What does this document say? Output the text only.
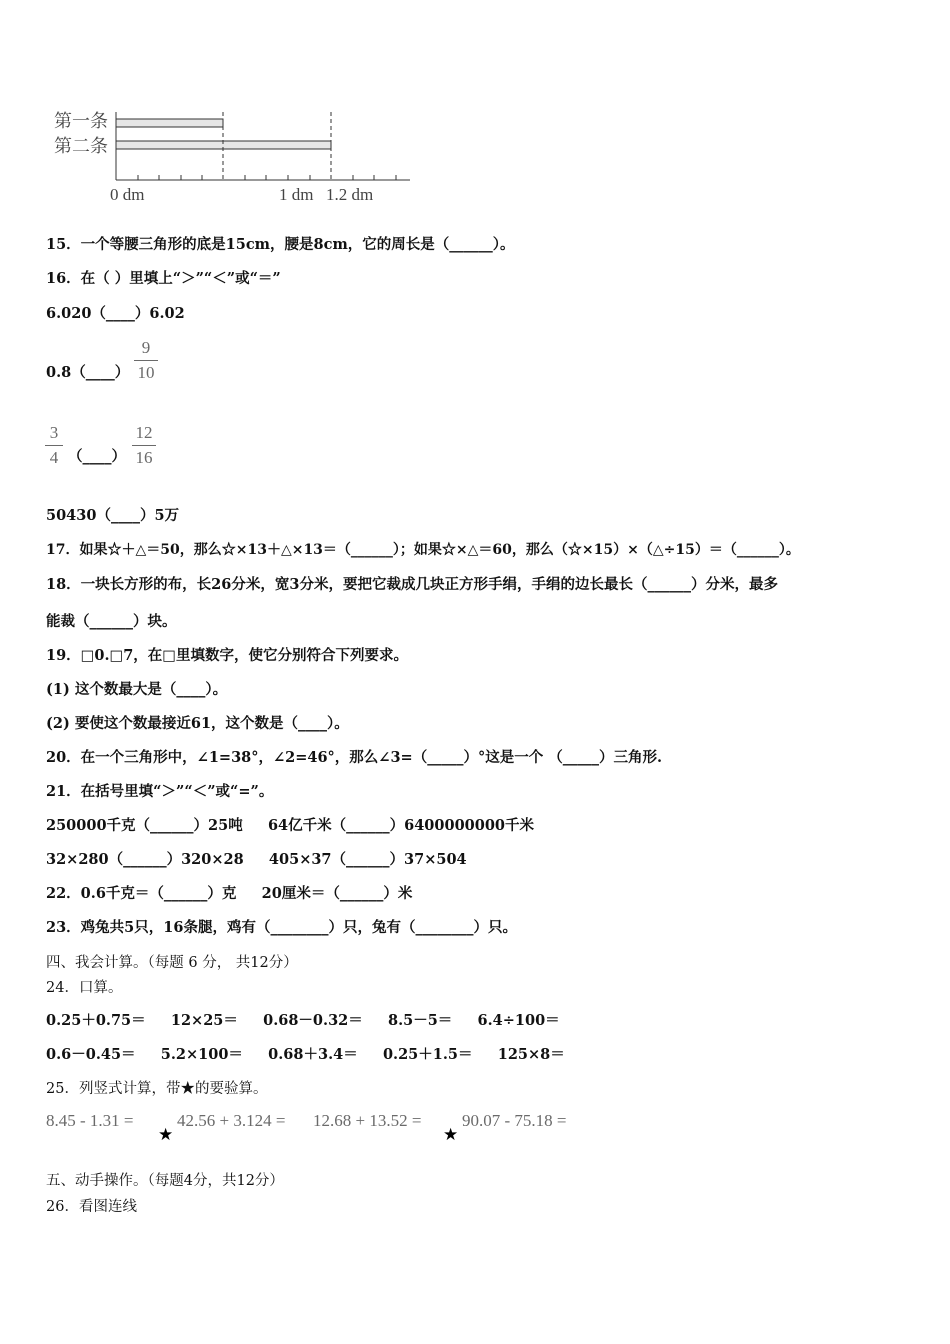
第一条
第二条
0 dm	1 dm 1.2 dm
15．一个等腰三角形的底是15cm，腰是8cm，它的周长是（______）。
16．在（ ）里填上“＞”“＜”或“＝”
6.020（____）6.02
0.8（____）
9
10
3
4 （____）
12
16
50430（____）5万
17．如果☆＋△＝50，那么☆×13＋△×13＝（______）；如果☆×△＝60，那么（☆×15）×（△÷15）＝（______）。
18．一块长方形的布，长26分米，宽3分米，要把它裁成几块正方形手绢，手绢的边长最长（______）分米，最多
能裁（______）块。
19．□0.□7，在□里填数字，使它分别符合下列要求。
(1) 这个数最大是（____）。
(2) 要使这个数最接近61，这个数是（____）。
20．在一个三角形中，∠1=38°，∠2=46°，那么∠3=（_____）°这是一个 （_____）三角形.
21．在括号里填“＞”“＜”或“=”。
250000千克（______）25吨     64亿千米（______）6400000000千米
32×280（______）320×28     405×37（______）37×504
22．0.6千克＝（______）克     20厘米＝（______）米
23．鸡兔共5只，16条腿，鸡有（________）只，兔有（________）只。
四、我会计算。（每题 6 分， 共12分）
24．口算。
0.25＋0.75＝     12×25＝     0.68－0.32＝     8.5－5＝     6.4÷100＝
0.6－0.45＝     5.2×100＝     0.68＋3.4＝     0.25＋1.5＝     125×8＝
25．列竖式计算，带★的要验算。
8.45 - 1.31 =
★
42.56 + 3.124 = 12.68 + 13.52 =
★
90.07 - 75.18 =
五、动手操作。（每题4分，共12分）
26．看图连线
